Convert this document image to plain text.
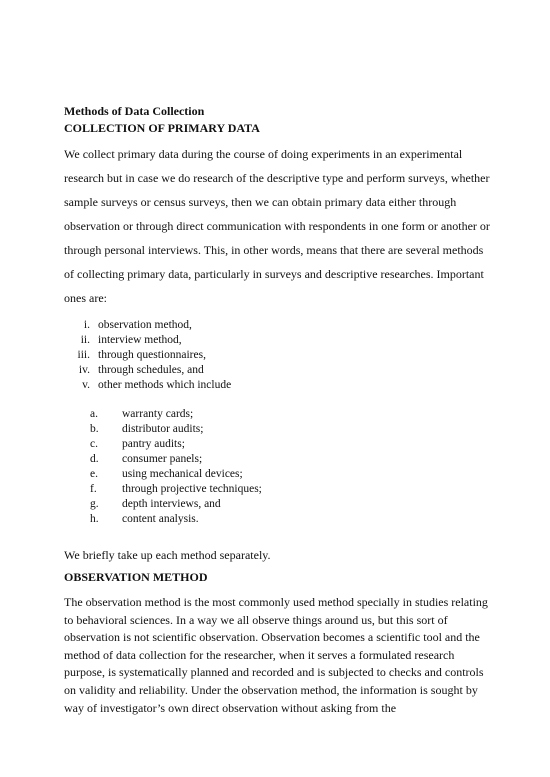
Methods of Data Collection

COLLECTION OF PRIMARY DATA

We collect primary data during the course of doing experiments in an experimental research but in case we do research of the descriptive type and perform surveys, whether sample surveys or census surveys, then we can obtain primary data either through observation or through direct communication with respondents in one form or another or through personal interviews. This, in other words, means that there are several methods of collecting primary data, particularly in surveys and descriptive researches. Important ones are:

i. observation method,
ii. interview method,
iii. through questionnaires,
iv. through schedules, and
v. other methods which include
a.	warranty cards;
b.	distributor audits;
c.	pantry audits;
d.	consumer panels;
e.	using mechanical devices;
f.	through projective techniques;
g.	depth interviews, and
h.	content analysis.

We briefly take up each method separately.

OBSERVATION METHOD

The observation method is the most commonly used method specially in studies relating to behavioral sciences. In a way we all observe things around us, but this sort of observation is not scientific observation. Observation becomes a scientific tool and the method of data collection for the researcher, when it serves a formulated research purpose, is systematically planned and recorded and is subjected to checks and controls on validity and reliability. Under the observation method, the information is sought by way of investigator’s own direct observation without asking from the
